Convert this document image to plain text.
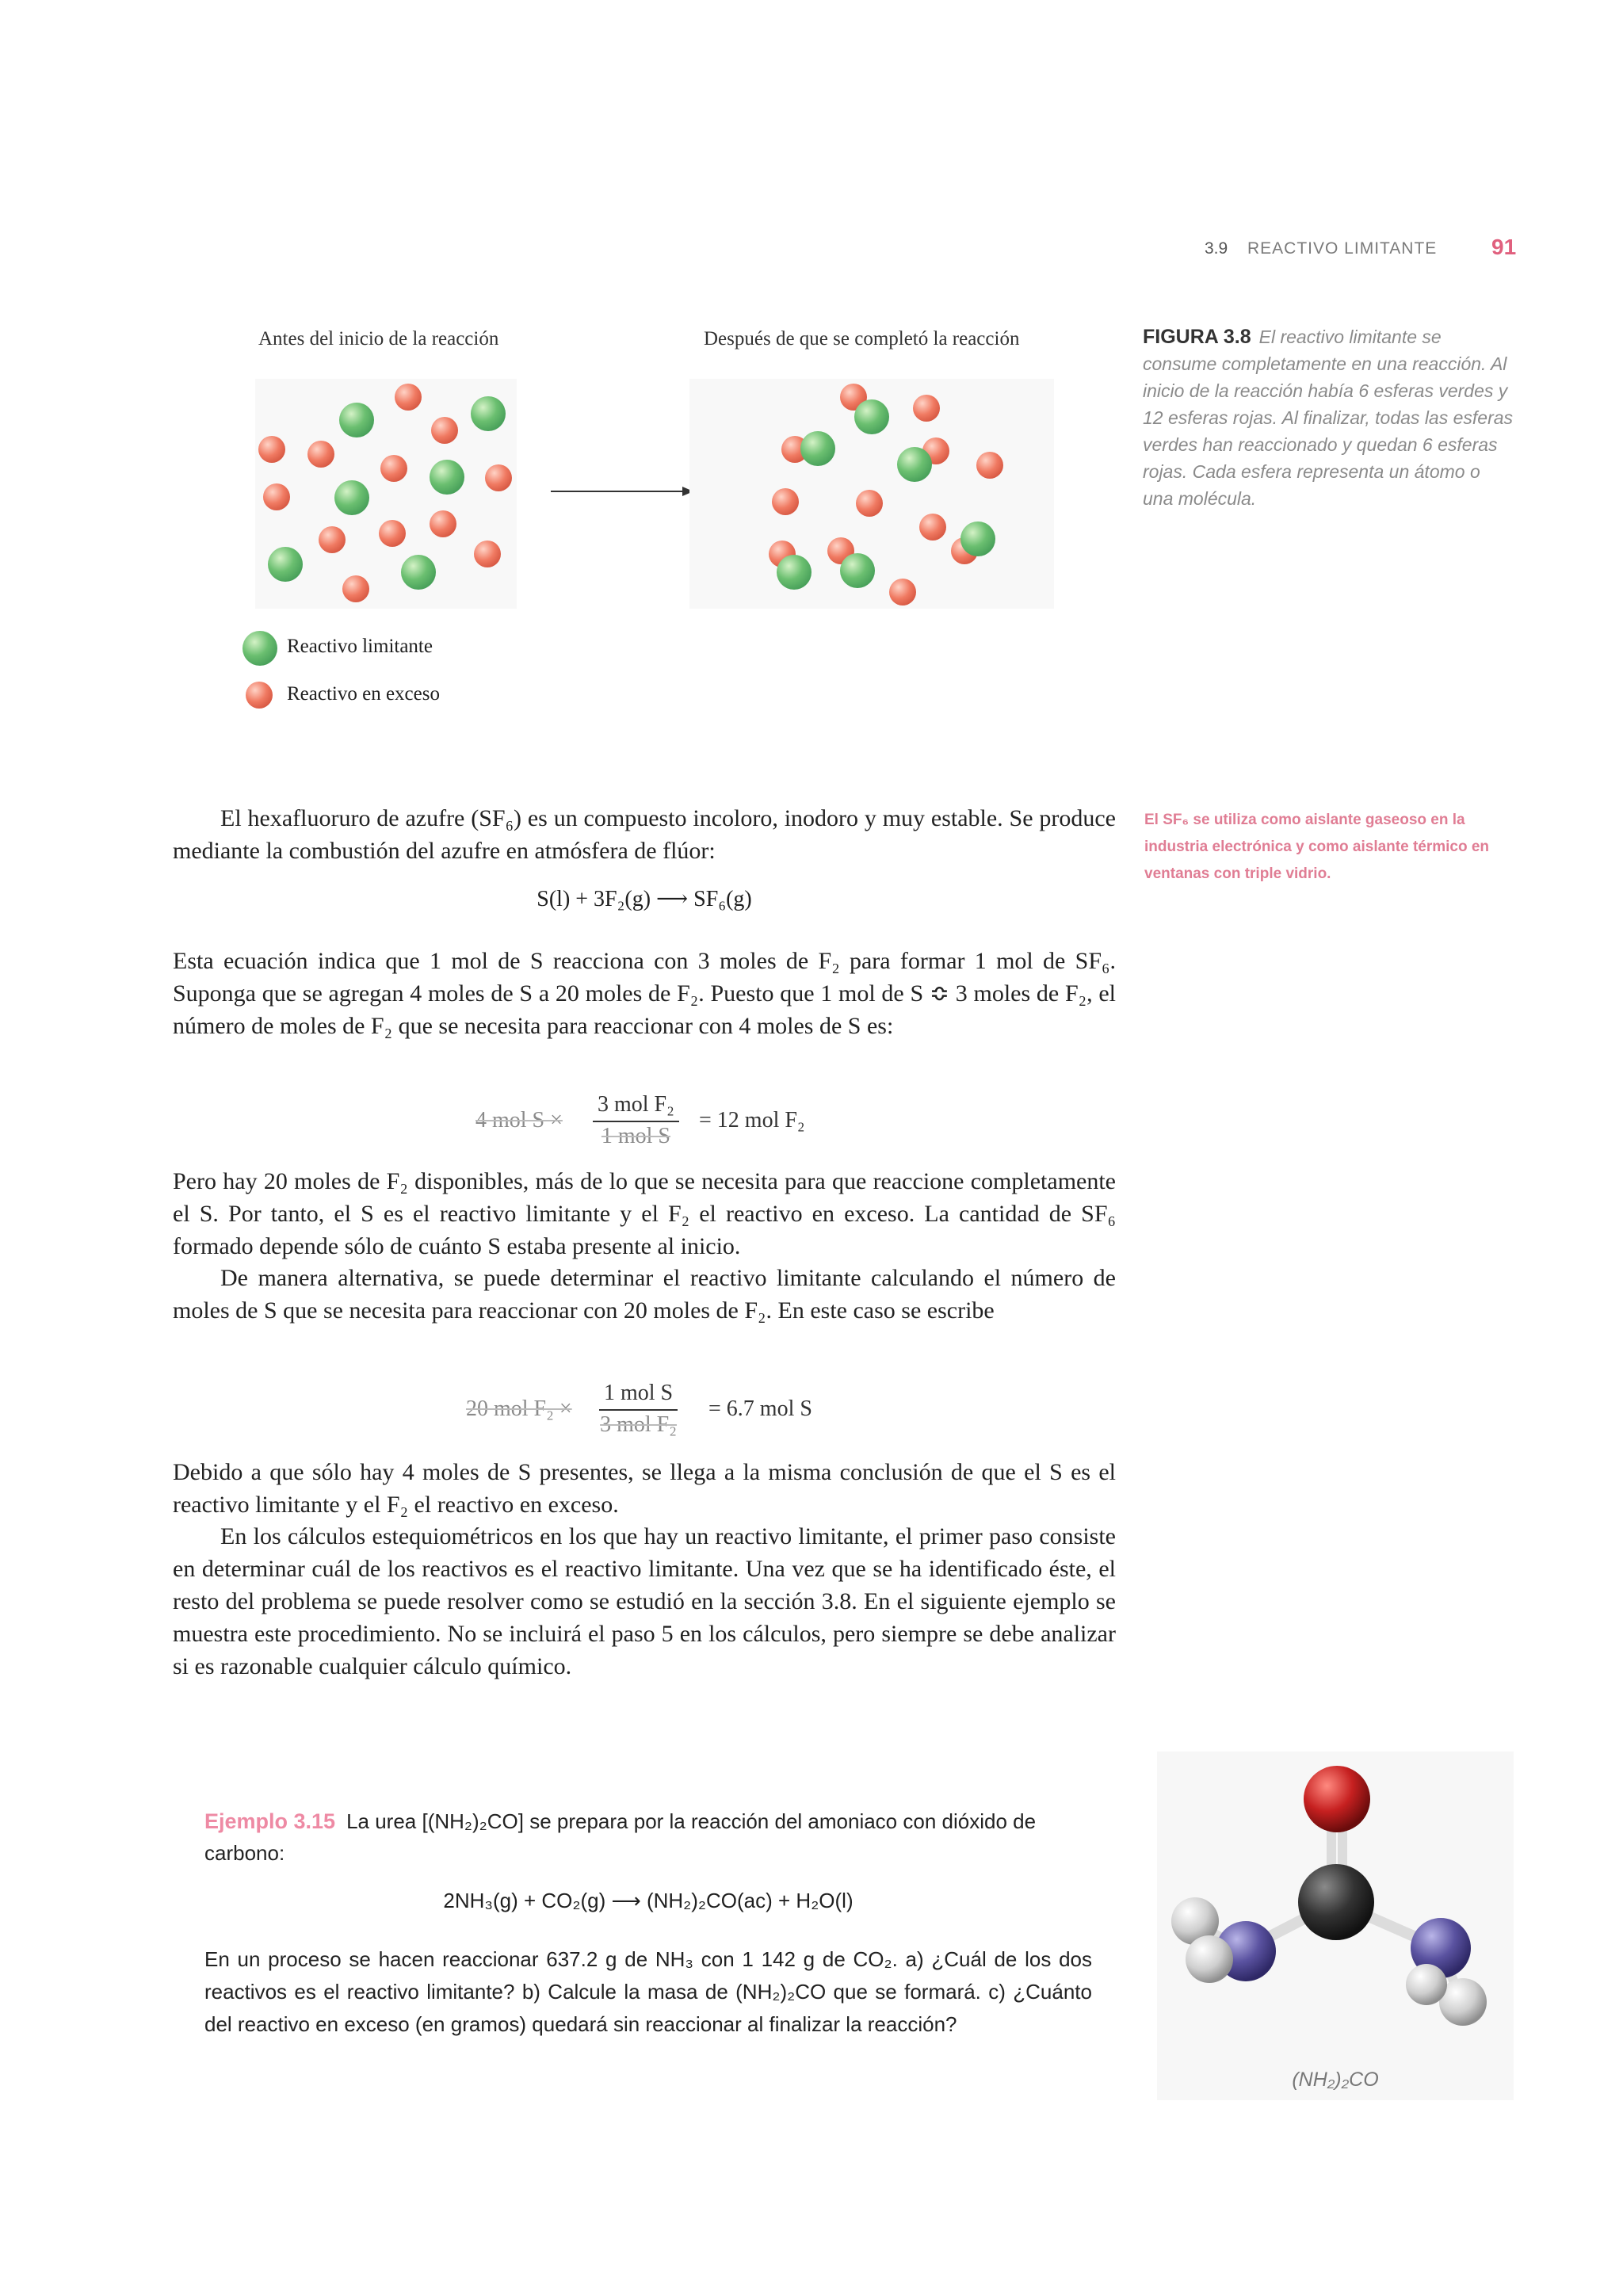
3.9 REACTIVO LIMITANTE 91
Antes del inicio de la reacción	Después de que se completó la reacción
Reactivo limitante
Reactivo en exceso
FIGURA 3.8 El reactivo limitante se consume completamente en una reacción. Al inicio de la reacción había 6 esferas verdes y 12 esferas rojas. Al finalizar, todas las esferas verdes han reaccionado y quedan 6 esferas rojas. Cada esfera representa un átomo o una molécula.
El SF₆ se utiliza como aislante gaseoso en la industria electrónica y como aislante térmico en ventanas con triple vidrio.
El hexafluoruro de azufre (SF₆) es un compuesto incoloro, inodoro y muy estable. Se produce mediante la combustión del azufre en atmósfera de flúor:
S(l) + 3F₂(g) ⟶ SF₆(g)
Esta ecuación indica que 1 mol de S reacciona con 3 moles de F₂ para formar 1 mol de SF₆. Suponga que se agregan 4 moles de S a 20 moles de F₂. Puesto que 1 mol de S ≎ 3 moles de F₂, el número de moles de F₂ que se necesita para reaccionar con 4 moles de S es:
4 mol S ×
3 mol F₂
1 mol S
= 12 mol F₂
Pero hay 20 moles de F₂ disponibles, más de lo que se necesita para que reaccione completamente el S. Por tanto, el S es el reactivo limitante y el F₂ el reactivo en exceso. La cantidad de SF₆ formado depende sólo de cuánto S estaba presente al inicio.
De manera alternativa, se puede determinar el reactivo limitante calculando el número de moles de S que se necesita para reaccionar con 20 moles de F₂. En este caso se escribe
20 mol F₂ ×
1 mol S
3 mol F₂
= 6.7 mol S
Debido a que sólo hay 4 moles de S presentes, se llega a la misma conclusión de que el S es el reactivo limitante y el F₂ el reactivo en exceso.
En los cálculos estequiométricos en los que hay un reactivo limitante, el primer paso consiste en determinar cuál de los reactivos es el reactivo limitante. Una vez que se ha identificado éste, el resto del problema se puede resolver como se estudió en la sección 3.8. En el siguiente ejemplo se muestra este procedimiento. No se incluirá el paso 5 en los cálculos, pero siempre se debe analizar si es razonable cualquier cálculo químico.
Ejemplo 3.15 La urea [(NH₂)₂CO] se prepara por la reacción del amoniaco con dióxido de carbono:
2NH₃(g) + CO₂(g) ⟶ (NH₂)₂CO(ac) + H₂O(l)
En un proceso se hacen reaccionar 637.2 g de NH₃ con 1 142 g de CO₂. a) ¿Cuál de los dos reactivos es el reactivo limitante? b) Calcule la masa de (NH₂)₂CO que se formará. c) ¿Cuánto del reactivo en exceso (en gramos) quedará sin reaccionar al finalizar la reacción?
(NH₂)₂CO
